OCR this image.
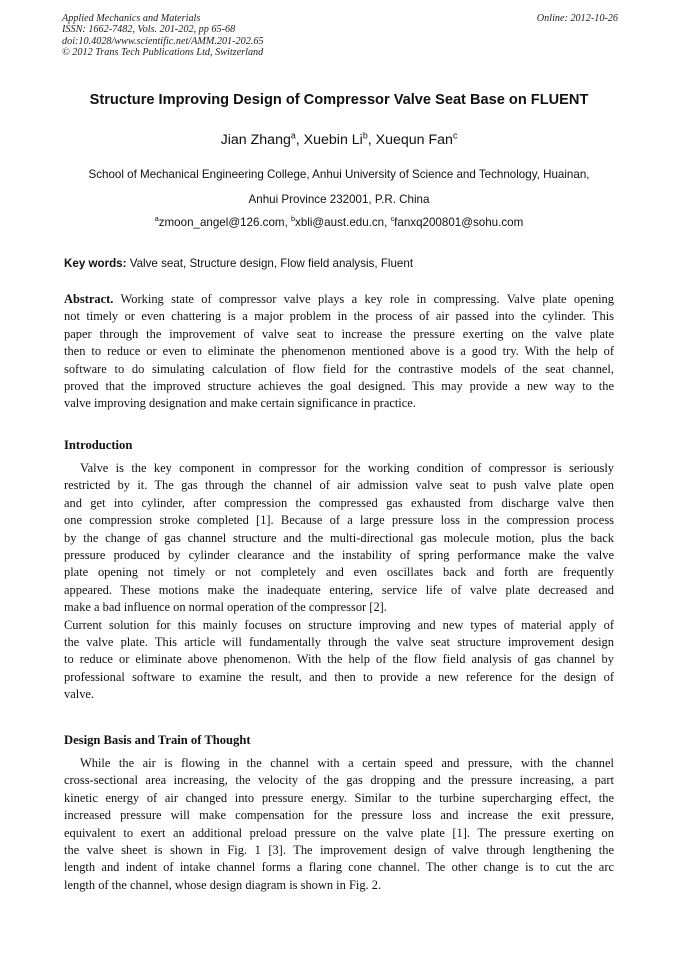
Applied Mechanics and Materials
ISSN: 1662-7482, Vols. 201-202, pp 65-68
doi:10.4028/www.scientific.net/AMM.201-202.65
© 2012 Trans Tech Publications Ltd, Switzerland
Online: 2012-10-26
Structure Improving Design of Compressor Valve Seat Base on FLUENT
Jian Zhang$^a$, Xuebin Li$^b$, Xuequn Fan$^c$
School of Mechanical Engineering College, Anhui University of Science and Technology, Huainan,
Anhui Province 232001, P.R. China
$^a$zmoon_angel@126.com, $^b$xbli@aust.edu.cn, $^c$fanxq200801@sohu.com
Key words: Valve seat, Structure design, Flow field analysis, Fluent
Abstract. Working state of compressor valve plays a key role in compressing. Valve plate opening
not timely or even chattering is a major problem in the process of air passed into the cylinder. This
paper through the improvement of valve seat to increase the pressure exerting on the valve plate
then to reduce or even to eliminate the phenomenon mentioned above is a good try. With the help of
software to do simulating calculation of flow field for the contrastive models of the seat channel,
proved that the improved structure achieves the goal designed. This may provide a new way to the
valve improving designation and make certain significance in practice.
Introduction
Valve is the key component in compressor for the working condition of compressor is seriously
restricted by it. The gas through the channel of air admission valve seat to push valve plate open
and get into cylinder, after compression the compressed gas exhausted from discharge valve then
one compression stroke completed [1]. Because of a large pressure loss in the compression process
by the change of gas channel structure and the multi-directional gas molecule motion, plus the back
pressure produced by cylinder clearance and the instability of spring performance make the valve
plate opening not timely or not completely and even oscillates back and forth are frequently
appeared. These motions make the inadequate entering, service life of valve plate decreased and
make a bad influence on normal operation of the compressor [2].
Current solution for this mainly focuses on structure improving and new types of material apply of
the valve plate. This article will fundamentally through the valve seat structure improvement design
to reduce or eliminate above phenomenon. With the help of the flow field analysis of gas channel by
professional software to examine the result, and then to provide a new reference for the design of
valve.
Design Basis and Train of Thought
While the air is flowing in the channel with a certain speed and pressure, with the channel
cross-sectional area increasing, the velocity of the gas dropping and the pressure increasing, a part
kinetic energy of air changed into pressure energy. Similar to the turbine supercharging effect, the
increased pressure will make compensation for the pressure loss and increase the exit pressure,
equivalent to exert an additional preload pressure on the valve plate [1]. The pressure exerting on
the valve sheet is shown in Fig. 1 [3]. The improvement design of valve through lengthening the
length and indent of intake channel forms a flaring cone channel. The other change is to cut the arc
length of the channel, whose design diagram is shown in Fig. 2.
